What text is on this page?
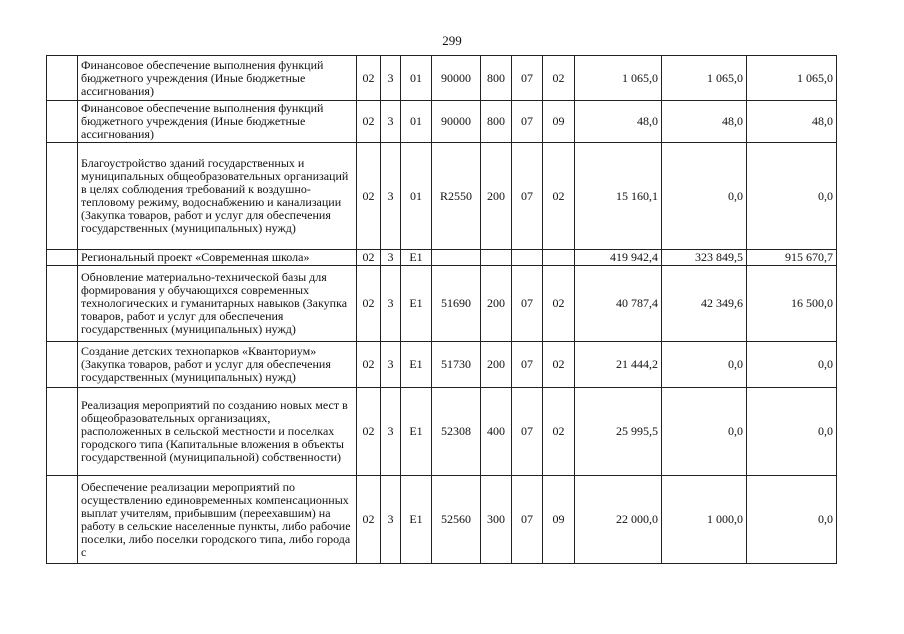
299
	Финансовое обеспечение выполнения функций бюджетного учреждения (Иные бюджетные ассигнования)	02	3	01	90000	800	07	02	1 065,0	1 065,0	1 065,0
	Финансовое обеспечение выполнения функций бюджетного учреждения (Иные бюджетные ассигнования)	02	3	01	90000	800	07	09	48,0	48,0	48,0
	Благоустройство зданий государственных и муниципальных общеобразовательных организаций в целях соблюдения требований к воздушно-тепловому режиму, водоснабжению и канализации (Закупка товаров, работ и услуг для обеспечения государственных (муниципальных) нужд)	02	3	01	R2550	200	07	02	15 160,1	0,0	0,0
	Региональный проект «Современная школа»	02	3	E1					419 942,4	323 849,5	915 670,7
	Обновление материально-технической базы для формирования у обучающихся современных технологических и гуманитарных навыков (Закупка товаров, работ и услуг для обеспечения государственных (муниципальных) нужд)	02	3	E1	51690	200	07	02	40 787,4	42 349,6	16 500,0
	Создание детских технопарков «Кванториум» (Закупка товаров, работ и услуг для обеспечения государственных (муниципальных) нужд)	02	3	E1	51730	200	07	02	21 444,2	0,0	0,0
	Реализация мероприятий по созданию новых мест в общеобразовательных организациях, расположенных в сельской местности и поселках городского типа (Капитальные вложения в объекты государственной (муниципальной) собственности)	02	3	E1	52308	400	07	02	25 995,5	0,0	0,0
	Обеспечение реализации мероприятий по осуществлению единовременных компенсационных выплат учителям, прибывшим (переехавшим) на работу в сельские населенные пункты, либо рабочие поселки, либо поселки городского типа, либо города с	02	3	E1	52560	300	07	09	22 000,0	1 000,0	0,0
